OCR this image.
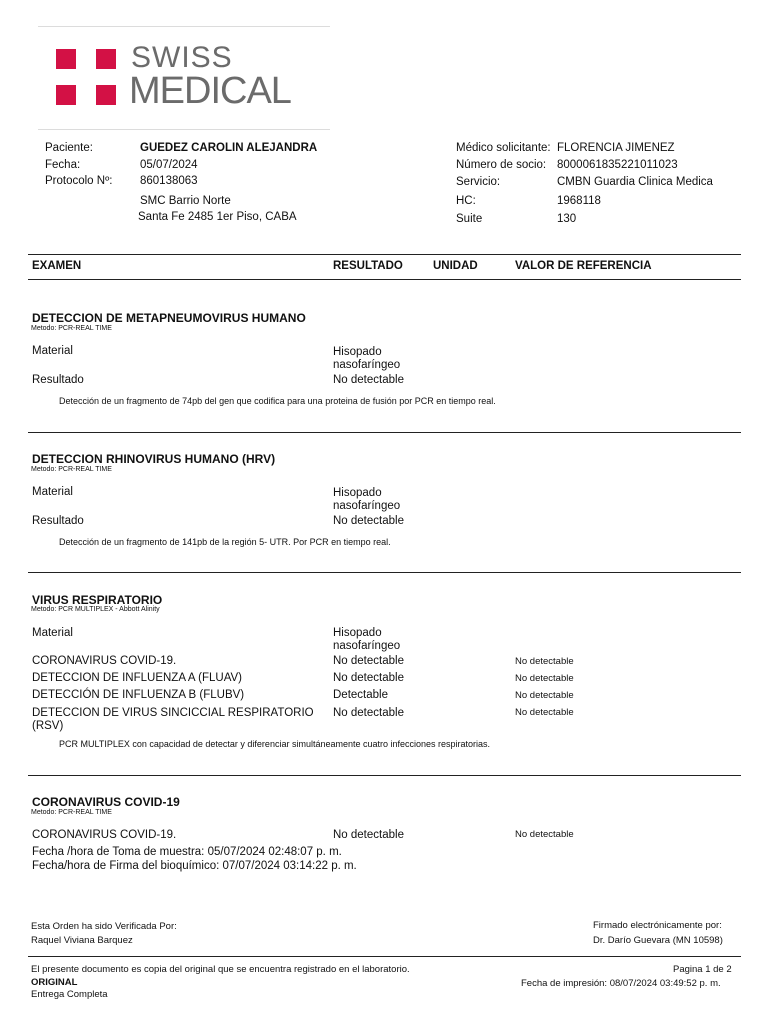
SWISS
MEDICAL
Paciente:	GUEDEZ CAROLIN ALEJANDRA
Fecha:	05/07/2024
Protocolo Nº: 860138063
SMC Barrio Norte
Santa Fe 2485 1er Piso, CABA
Médico solicitante: FLORENCIA JIMENEZ
Número de socio: 8000061835221011023
Servicio:	CMBN Guardia Clinica Medica
HC:	1968118
Suite	130
EXAMEN	RESULTADO	UNIDAD	VALOR DE REFERENCIA
DETECCION DE METAPNEUMOVIRUS HUMANO
Metodo: PCR-REAL TIME
Material	Hisopado
nasofaríngeo
Resultado	No detectable
Detección de un fragmento de 74pb del gen que codifica para una proteina de fusión por PCR en tiempo real.
DETECCION RHINOVIRUS HUMANO (HRV)
Metodo: PCR-REAL TIME
Material	Hisopado
nasofaríngeo
Resultado	No detectable
Detección de un fragmento de 141pb de la región 5- UTR. Por PCR en tiempo real.
VIRUS RESPIRATORIO
Metodo: PCR MULTIPLEX - Abbott Alinity
Material	Hisopado
nasofaríngeo
CORONAVIRUS COVID-19.	No detectable	No detectable
DETECCION DE INFLUENZA A (FLUAV)	No detectable	No detectable
DETECCIÓN DE INFLUENZA B (FLUBV)	Detectable	No detectable
DETECCION DE VIRUS SINCICCIAL RESPIRATORIO
(RSV)
No detectable	No detectable
PCR MULTIPLEX con capacidad de detectar y diferenciar simultáneamente cuatro infecciones respiratorias.
CORONAVIRUS COVID-19
Metodo: PCR-REAL TIME
CORONAVIRUS COVID-19.	No detectable	No detectable
Fecha /hora de Toma de muestra: 05/07/2024 02:48:07 p. m.
Fecha/hora de Firma del bioquímico: 07/07/2024 03:14:22 p. m.
Esta Orden ha sido Verificada Por:
Raquel Viviana Barquez
Firmado electrónicamente por:
Dr. Darío Guevara (MN 10598)
El presente documento es copia del original que se encuentra registrado en el laboratorio.
ORIGINAL
Entrega Completa
Pagina 1 de 2
Fecha de impresión: 08/07/2024 03:49:52 p. m.
